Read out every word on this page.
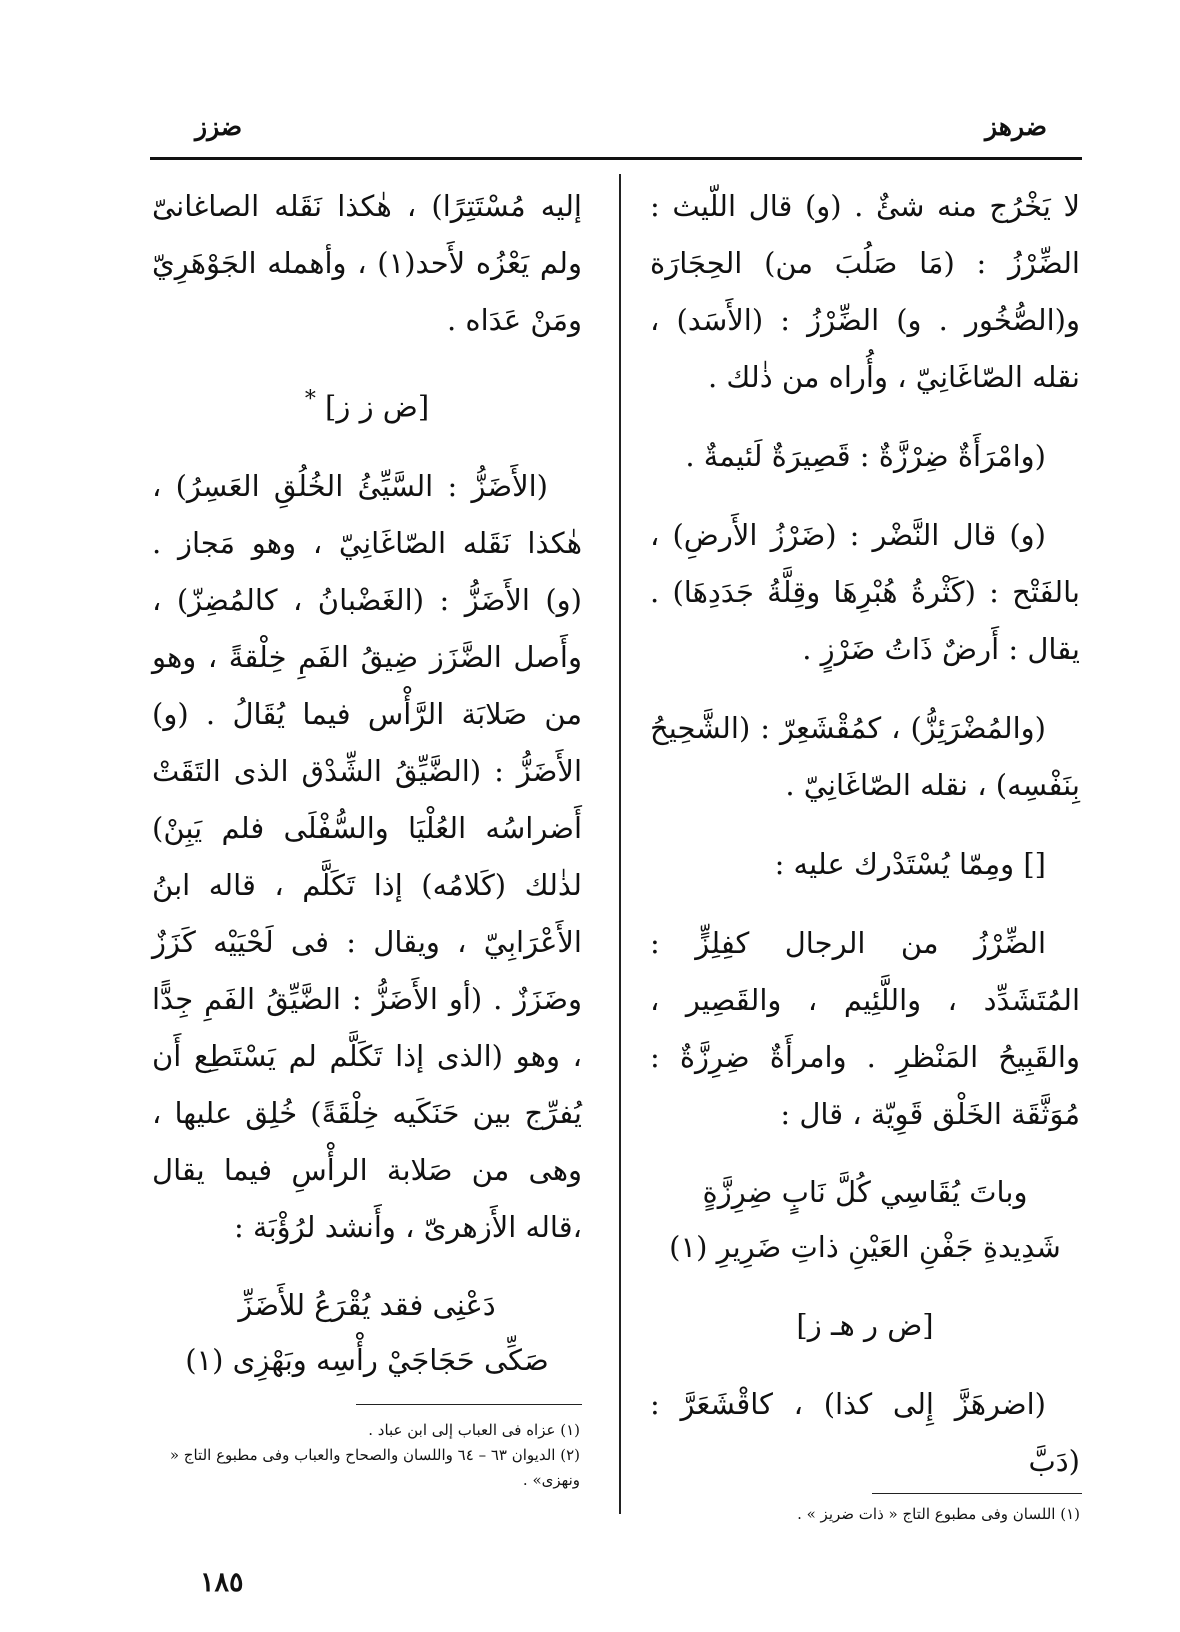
ضرهز
ضزز

لا يَخْرُج منه شئٌ . (و) قال اللّيث : الضِّرْزُ : (مَا صَلُبَ من) الحِجَارَة و(الصُّخُور . و) الضِّرْزُ : (الأَسَد) ، نقله الصّاغَانِيّ ، وأُراه من ذٰلك .

(وامْرَأَةٌ ضِرْزَّةٌ : قَصِيرَةٌ لَئيمةٌ .

(و) قال النَّضْر : (ضَرْزُ الأَرضِ) ، بالفَتْح : (كَثْرةُ هُبْرِهَا وقِلَّةُ جَدَدِهَا) . يقال : أَرضٌ ذَاتُ ضَرْزٍ .

(والمُضْرَئِزُّ) ، كمُقْشَعِرّ : (الشَّحِيحُ بِنَفْسِه) ، نقله الصّاغَانِيّ .

[] ومِمّا يُسْتَدْرك عليه :

الضِّرْزُ من الرجال كفِلِزٍّ : المُتَشَدِّد ، واللَّئِيم ، والقَصِير ، والقَبِيحُ المَنْظرِ . وامرأَةٌ ضِرِزَّةٌ : مُوَثَّقَة الخَلْق قَوِيّة ، قال :

وباتَ يُقَاسِي كُلَّ نَابٍ ضِرِزَّةٍ

شَدِيدةِ جَفْنِ العَيْنِ ذاتِ ضَرِيرِ (١)

[ض ر هـ ز]

(اضرهَزَّ إِلى كذا) ، كاقْشَعَرَّ : (دَبَّ

إليه مُسْتَتِرًا) ، هٰكذا نَقَله الصاغانىّ ولم يَعْزُه لأَحد(١) ، وأهمله الجَوْهَرِيّ ومَنْ عَدَاه .

[ض ز ز] *

(الأَضَزُّ : السَّيِّئُ الخُلُقِ العَسِرُ) ، هٰكذا نَقَله الصّاغَانِيّ ، وهو مَجاز . (و) الأَضَزُّ : (الغَضْبانُ ، كالمُضِزّ) ، وأَصل الضَّزَز ضِيقُ الفَمِ خِلْقةً ، وهو من صَلابَة الرَّأْس فيما يُقَالُ . (و) الأَضَزُّ : (الضَّيِّقُ الشِّدْق الذى التَقَتْ أَضراسُه العُلْيَا والسُّفْلَى فلم يَبِنْ) لذٰلك (كَلامُه) إذا تَكَلَّم ، قاله ابنُ الأَعْرَابِيّ ، ويقال : فى لَحْيَيْه كَزَزٌ وضَزَزٌ . (أو الأَضَزُّ : الضَّيِّقُ الفَمِ جِدًّا ، وهو (الذى إذا تَكَلَّم لم يَسْتَطِع أَن يُفرِّج بين حَنَكَيه خِلْقَةً) خُلِق عليها ، وهى من صَلابة الرأْسِ فيما يقال ،قاله الأَزهرىّ ، وأَنشد لرُؤْبَة :

دَعْنِى فقد يُقْرَعُ للأَضَزِّ

صَكِّى حَجَاجَيْ رأْسِه وبَهْزِى (١)

(١) اللسان وفى مطبوع التاج « ذات ضريز » .

(١) عزاه فى العباب إلى ابن عباد .

(٢) الديوان ٦٣ – ٦٤ واللسان والصحاح والعباب وفى مطبوع التاج « ونهزى» .

١٨٥
